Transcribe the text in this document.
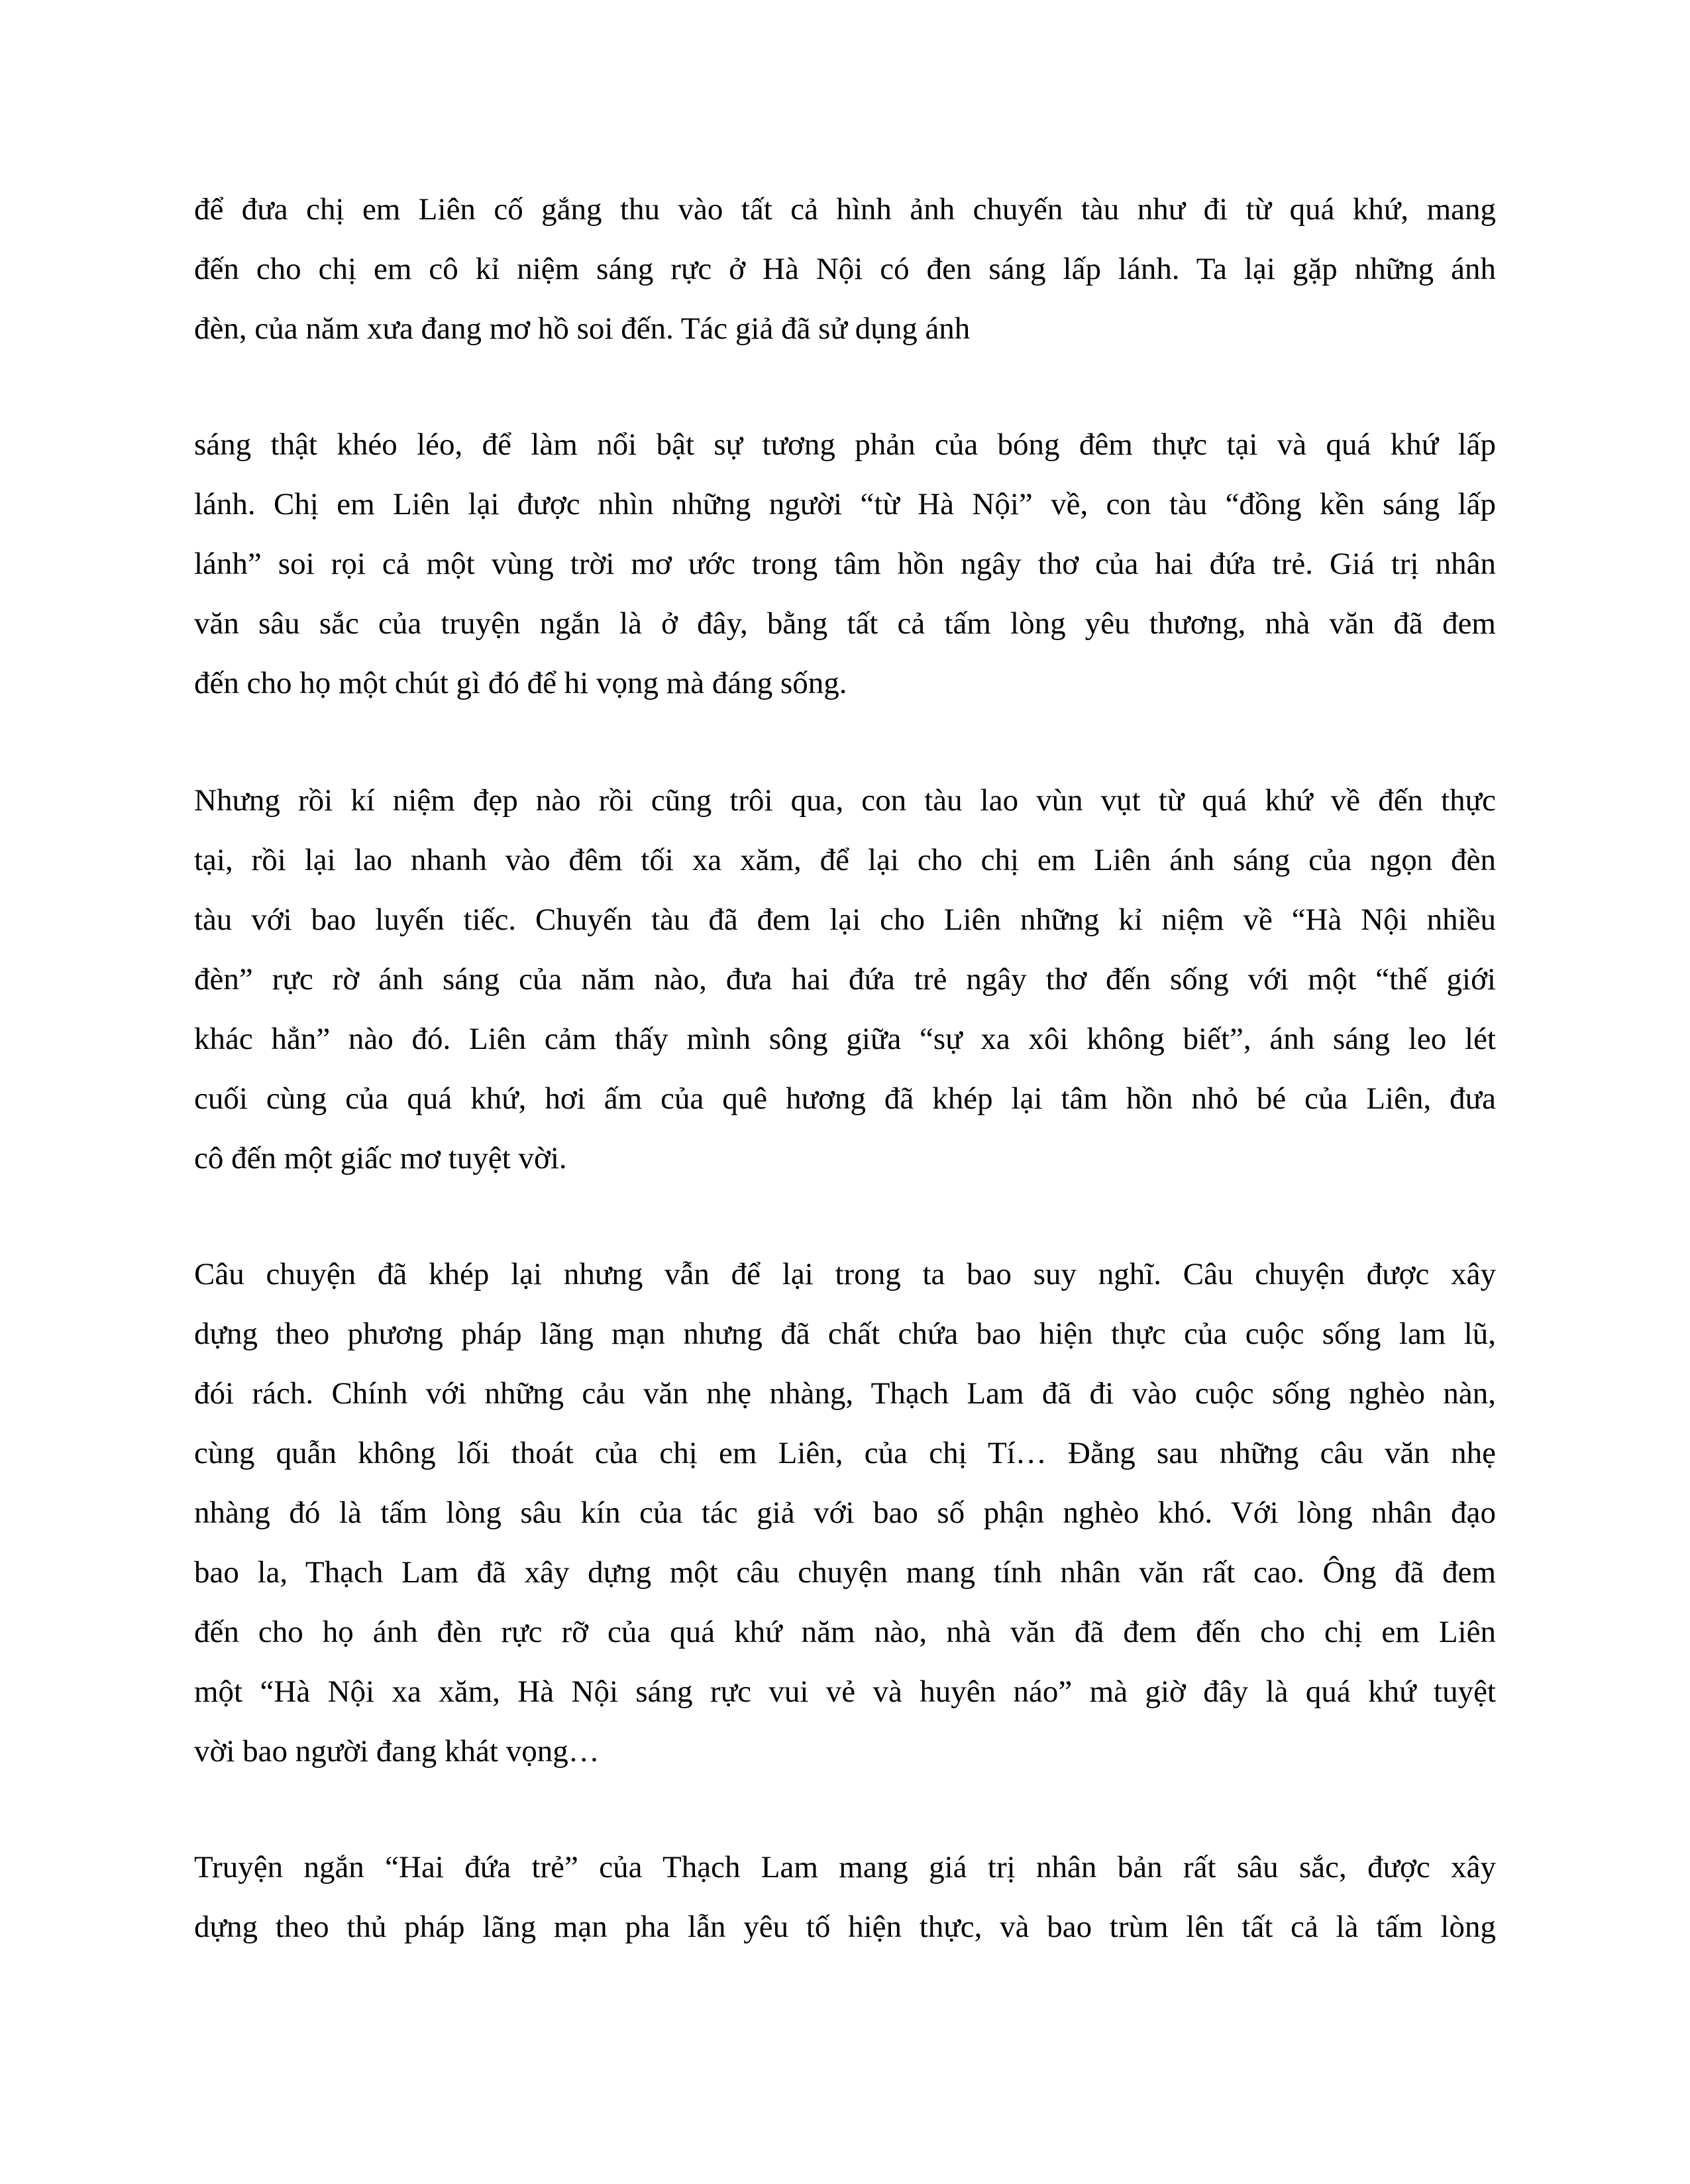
để đưa chị em Liên cố gắng thu vào tất cả hình ảnh chuyến tàu như đi từ quá khứ, mang
đến cho chị em cô kỉ niệm sáng rực ở Hà Nội có đen sáng lấp lánh. Ta lại gặp những ánh
đèn, của năm xưa đang mơ hồ soi đến. Tác giả đã sử dụng ánh
sáng thật khéo léo, để làm nổi bật sự tương phản của bóng đêm thực tại và quá khứ lấp
lánh. Chị em Liên lại được nhìn những người “từ Hà Nội” về, con tàu “đồng kền sáng lấp
lánh” soi rọi cả một vùng trời mơ ước trong tâm hồn ngây thơ của hai đứa trẻ. Giá trị nhân
văn sâu sắc của truyện ngắn là ở đây, bằng tất cả tấm lòng yêu thương, nhà văn đã đem
đến cho họ một chút gì đó để hi vọng mà đáng sống.
Nhưng rồi kí niệm đẹp nào rồi cũng trôi qua, con tàu lao vùn vụt từ quá khứ về đến thực
tại, rồi lại lao nhanh vào đêm tối xa xăm, để lại cho chị em Liên ánh sáng của ngọn đèn
tàu với bao luyến tiếc. Chuyến tàu đã đem lại cho Liên những kỉ niệm về “Hà Nội nhiều
đèn” rực rờ ánh sáng của năm nào, đưa hai đứa trẻ ngây thơ đến sống với một “thế giới
khác hẳn” nào đó. Liên cảm thấy mình sông giữa “sự xa xôi không biết”, ánh sáng leo lét
cuối cùng của quá khứ, hơi ấm của quê hương đã khép lại tâm hồn nhỏ bé của Liên, đưa
cô đến một giấc mơ tuyệt vời.
Câu chuyện đã khép lại nhưng vẫn để lại trong ta bao suy nghĩ. Câu chuyện được xây
dựng theo phương pháp lãng mạn nhưng đã chất chứa bao hiện thực của cuộc sống lam lũ,
đói rách. Chính với những cảu văn nhẹ nhàng, Thạch Lam đã đi vào cuộc sống nghèo nàn,
cùng quẫn không lối thoát của chị em Liên, của chị Tí… Đằng sau những câu văn nhẹ
nhàng đó là tấm lòng sâu kín của tác giả với bao số phận nghèo khó. Với lòng nhân đạo
bao la, Thạch Lam đã xây dựng một câu chuyện mang tính nhân văn rất cao. Ông đã đem
đến cho họ ánh đèn rực rỡ của quá khứ năm nào, nhà văn đã đem đến cho chị em Liên
một “Hà Nội xa xăm, Hà Nội sáng rực vui vẻ và huyên náo” mà giờ đây là quá khứ tuyệt
vời bao người đang khát vọng…
Truyện ngắn “Hai đứa trẻ” của Thạch Lam mang giá trị nhân bản rất sâu sắc, được xây
dựng theo thủ pháp lãng mạn pha lẫn yêu tố hiện thực, và bao trùm lên tất cả là tấm lòng
